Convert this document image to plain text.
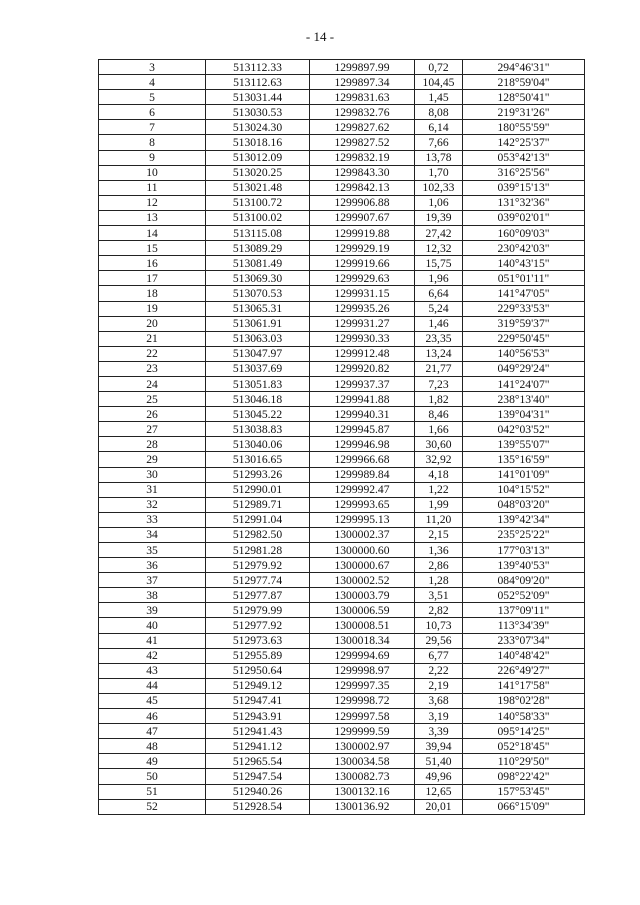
- 14 -
3	513112.33	1299897.99	0,72	294°46'31"
4	513112.63	1299897.34	104,45	218°59'04"
5	513031.44	1299831.63	1,45	128°50'41"
6	513030.53	1299832.76	8,08	219°31'26"
7	513024.30	1299827.62	6,14	180°55'59"
8	513018.16	1299827.52	7,66	142°25'37"
9	513012.09	1299832.19	13,78	053°42'13"
10	513020.25	1299843.30	1,70	316°25'56"
11	513021.48	1299842.13	102,33	039°15'13"
12	513100.72	1299906.88	1,06	131°32'36"
13	513100.02	1299907.67	19,39	039°02'01"
14	513115.08	1299919.88	27,42	160°09'03"
15	513089.29	1299929.19	12,32	230°42'03"
16	513081.49	1299919.66	15,75	140°43'15"
17	513069.30	1299929.63	1,96	051°01'11"
18	513070.53	1299931.15	6,64	141°47'05"
19	513065.31	1299935.26	5,24	229°33'53"
20	513061.91	1299931.27	1,46	319°59'37"
21	513063.03	1299930.33	23,35	229°50'45"
22	513047.97	1299912.48	13,24	140°56'53"
23	513037.69	1299920.82	21,77	049°29'24"
24	513051.83	1299937.37	7,23	141°24'07"
25	513046.18	1299941.88	1,82	238°13'40"
26	513045.22	1299940.31	8,46	139°04'31"
27	513038.83	1299945.87	1,66	042°03'52"
28	513040.06	1299946.98	30,60	139°55'07"
29	513016.65	1299966.68	32,92	135°16'59"
30	512993.26	1299989.84	4,18	141°01'09"
31	512990.01	1299992.47	1,22	104°15'52"
32	512989.71	1299993.65	1,99	048°03'20"
33	512991.04	1299995.13	11,20	139°42'34"
34	512982.50	1300002.37	2,15	235°25'22"
35	512981.28	1300000.60	1,36	177°03'13"
36	512979.92	1300000.67	2,86	139°40'53"
37	512977.74	1300002.52	1,28	084°09'20"
38	512977.87	1300003.79	3,51	052°52'09"
39	512979.99	1300006.59	2,82	137°09'11"
40	512977.92	1300008.51	10,73	113°34'39"
41	512973.63	1300018.34	29,56	233°07'34"
42	512955.89	1299994.69	6,77	140°48'42"
43	512950.64	1299998.97	2,22	226°49'27"
44	512949.12	1299997.35	2,19	141°17'58"
45	512947.41	1299998.72	3,68	198°02'28"
46	512943.91	1299997.58	3,19	140°58'33"
47	512941.43	1299999.59	3,39	095°14'25"
48	512941.12	1300002.97	39,94	052°18'45"
49	512965.54	1300034.58	51,40	110°29'50"
50	512947.54	1300082.73	49,96	098°22'42"
51	512940.26	1300132.16	12,65	157°53'45"
52	512928.54	1300136.92	20,01	066°15'09"
